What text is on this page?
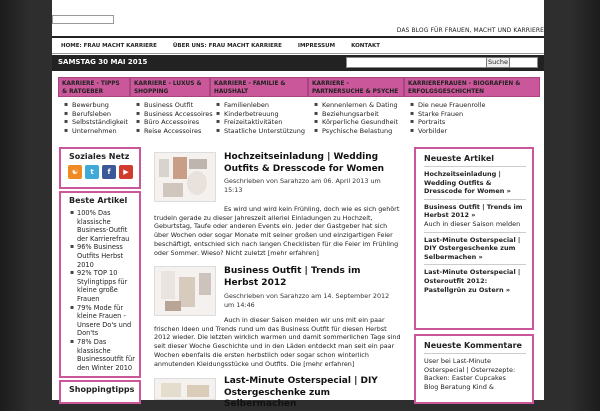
DAS BLOG FÜR FRAUEN, MACHT UND KARRIERE
HOME: FRAU MACHT KARRIERE	ÜBER UNS: FRAU MACHT KARRIERE	IMPRESSUM	KONTAKT
SAMSTAG 30 MAI 2015	Suche
KARRIERE - TIPPS & RATGEBER
▪ Bewerbung
▪ Berufsleben
▪ Selbstständigkeit
▪ Unternehmen
KARRIERE - LUXUS & SHOPPING
▪ Business Outfit
▪ Business Accessoires
▪ Büro Accessoires
▪ Reise Accessoires
KARRIERE - FAMILIE & HAUSHALT
▪ Familienleben
▪ Kinderbetreuung
▪ Freizeitaktivitäten
▪ Staatliche Unterstützung
KARRIERE - PARTNERSUCHE & PSYCHE
▪ Kennenlernen & Dating
▪ Beziehungsarbeit
▪ Körperliche Gesundheit
▪ Psychische Belastung
KARRIEREFRAUEN - BIOGRAFIEN & ERFOLGSGESCHICHTEN
▪ Die neue Frauenrolle
▪ Starke Frauen
▪ Portraits
▪ Vorbilder
Soziales Netz
☯	t	f	▶
Beste Artikel
▪ 100% Das klassische Business-Outfit der Karrierefrau
▪ 96% Business Outfits Herbst 2010
▪ 92% TOP 10 Stylingtipps für kleine große Frauen
▪ 79% Mode für kleine Frauen - Unsere Do's und Don'ts
▪ 78% Das klassische Businessoutfit für den Winter 2010
Shoppingtipps
Hochzeitseinladung | Wedding Outfits & Dresscode for Women
Geschrieben von Sarahzzo am 06. April 2013 um 15:13
Es wird und wird kein Frühling, doch wie es sich gehört trudeln gerade zu dieser Jahreszeit allerlei Einladungen zu Hochzeit, Geburtstag, Taufe oder anderen Events ein. Jeder der Gastgeber hat sich über Wochen oder sogar Monate mit seiner großen und einzigartigen Feier beschäftigt, entschied sich nach langen Checklisten für die Feier im Frühling oder Sommer. Wieso? Nicht zuletzt [mehr erfahren]
Business Outfit | Trends im Herbst 2012
Geschrieben von Sarahzzo am 14. September 2012 um 14:46
Auch in dieser Saison melden wir uns mit ein paar frischen Ideen und Trends rund um das Business Outfit für diesen Herbst 2012 wieder. Die letzten wirklich warmen und damit sommerlichen Tage sind seit dieser Woche Geschichte und in den Läden entdeckt man seit ein paar Wochen ebenfalls die ersten herbstlich oder sogar schon winterlich anmutenden Kleidungsstücke und Outfits. Die [mehr erfahren]
Last-Minute Osterspecial | DIY Ostergeschenke zum Selbermachen
Neueste Artikel
Hochzeitseinladung | Wedding Outfits & Dresscode for Women »
Business Outfit | Trends im Herbst 2012 »
Auch in dieser Saison melden
Last-Minute Osterspecial | DIY Ostergeschenke zum Selbermachen »
Last-Minute Osterspecial | Osteroutfit 2012: Pastellgrün zu Ostern »
Neueste Kommentare
User bei Last-Minute Osterspecial | Osterrezepte: Backen: Easter Cupcakes
Blog Beratung Kind &
